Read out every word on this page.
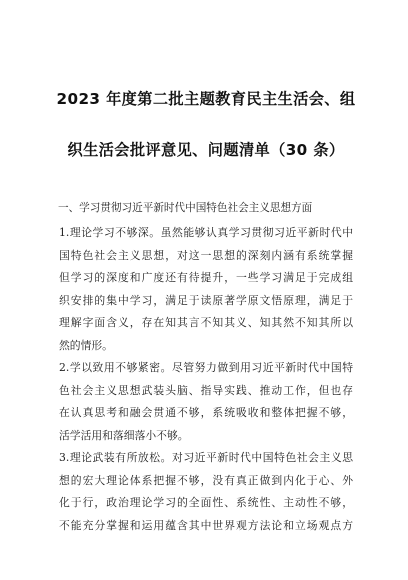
2023 年度第二批主题教育民主生活会、组
织生活会批评意见、问题清单（30 条）
一、学习贯彻习近平新时代中国特色社会主义思想方面
1.理论学习不够深。虽然能够认真学习贯彻习近平新时代中
国特色社会主义思想，对这一思想的深刻内涵有系统掌握
但学习的深度和广度还有待提升，一些学习满足于完成组
织安排的集中学习，满足于读原著学原文悟原理，满足于
理解字面含义，存在知其言不知其义、知其然不知其所以
然的情形。
2.学以致用不够紧密。尽管努力做到用习近平新时代中国特
色社会主义思想武装头脑、指导实践、推动工作，但也存
在认真思考和融会贯通不够，系统吸收和整体把握不够，
活学活用和落细落小不够。
3.理论武装有所放松。对习近平新时代中国特色社会主义思
想的宏大理论体系把握不够，没有真正做到内化于心、外
化于行，政治理论学习的全面性、系统性、主动性不够，
不能充分掌握和运用蕴含其中世界观方法论和立场观点方
